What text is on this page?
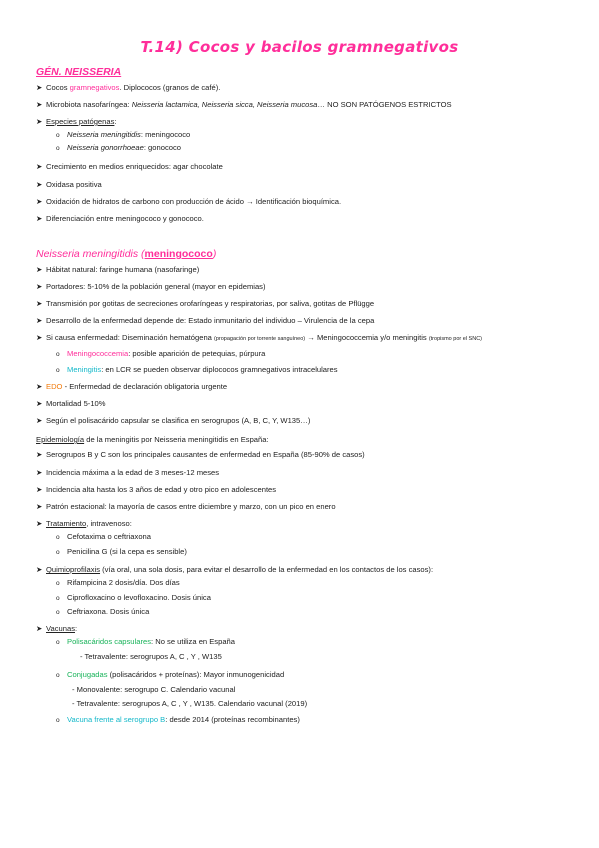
T.14) Cocos y bacilos gramnegativos
GÉN. NEISSERIA
➤ Cocos gramnegativos. Diplococos (granos de café).
➤ Microbiota nasofaríngea: Neisseria lactamica, Neisseria sicca, Neisseria mucosa… NO SON PATÓGENOS ESTRICTOS
➤ Especies patógenas:
o Neisseria meningitidis: meningococo
o Neisseria gonorrhoeae: gonococo
➤ Crecimiento en medios enriquecidos: agar chocolate
➤ Oxidasa positiva
➤ Oxidación de hidratos de carbono con producción de ácido → Identificación bioquímica.
➤ Diferenciación entre meningococo y gonococo.
Neisseria meningitidis (meningococo)
➤ Hábitat natural: faringe humana (nasofaringe)
➤ Portadores: 5-10% de la población general (mayor en epidemias)
➤ Transmisión por gotitas de secreciones orofaríngeas y respiratorias, por saliva, gotitas de Pflügge
➤ Desarrollo de la enfermedad depende de: Estado inmunitario del individuo – Virulencia de la cepa
➤ Si causa enfermedad: Diseminación hematógena (propagación por torrente sanguíneo) → Meningococcemia y/o meningitis (tropismo por el SNC)
o Meningococcemia: posible aparición de petequias, púrpura
o Meningitis: en LCR se pueden observar diplococos gramnegativos intracelulares
➤ EDO - Enfermedad de declaración obligatoria urgente
➤ Mortalidad 5-10%
➤ Según el polisacárido capsular se clasifica en serogrupos (A, B, C, Y, W135…)
Epidemiología de la meningitis por Neisseria meningitidis en España:
➤ Serogrupos B y C son los principales causantes de enfermedad en España (85-90% de casos)
➤ Incidencia máxima a la edad de 3 meses-12 meses
➤ Incidencia alta hasta los 3 años de edad y otro pico en adolescentes
➤ Patrón estacional: la mayoría de casos entre diciembre y marzo, con un pico en enero
➤ Tratamiento, intravenoso:
o Cefotaxima o ceftriaxona
o Penicilina G (si la cepa es sensible)
➤ Quimioprofilaxis (vía oral, una sola dosis, para evitar el desarrollo de la enfermedad en los contactos de los casos):
o Rifampicina 2 dosis/día. Dos días
o Ciprofloxacino o levofloxacino. Dosis única
o Ceftriaxona. Dosis única
➤ Vacunas:
o Polisacáridos capsulares: No se utiliza en España
- Tetravalente: serogrupos A, C , Y , W135
o Conjugadas (polisacáridos + proteínas): Mayor inmunogenicidad
- Monovalente: serogrupo C. Calendario vacunal
- Tetravalente: serogrupos A, C , Y , W135. Calendario vacunal (2019)
o Vacuna frente al serogrupo B: desde 2014 (proteínas recombinantes)
